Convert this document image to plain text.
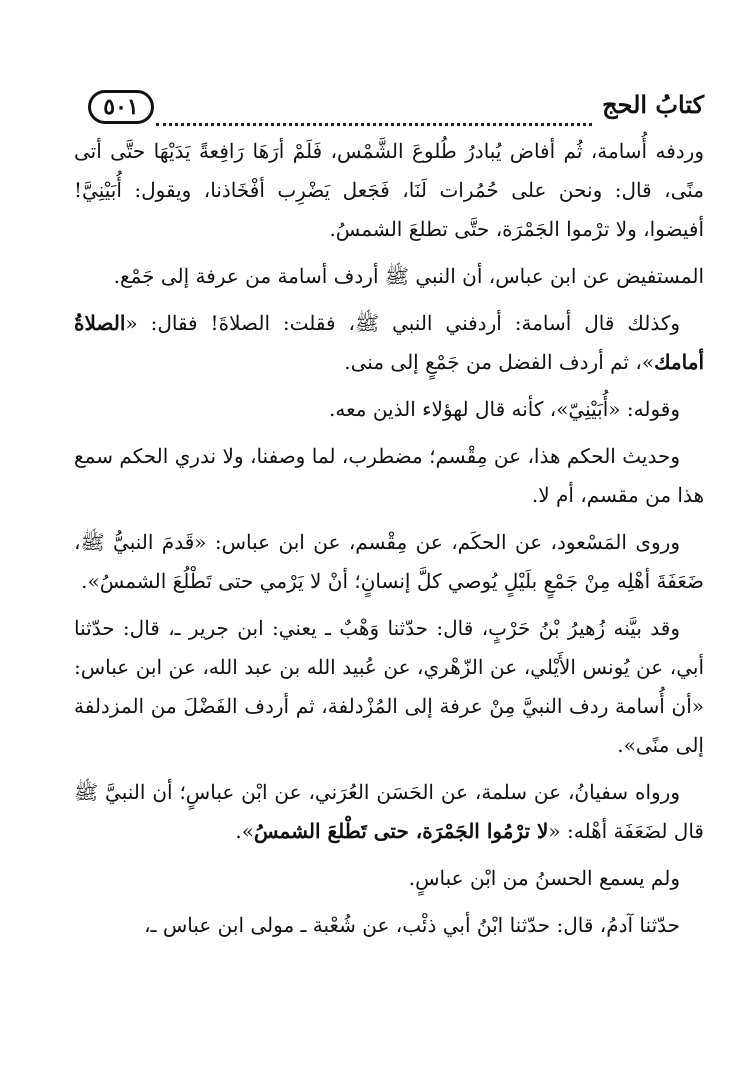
كتابُ الحج
٥٠١

وردفه أُسامة، ثُم أفاض يُبادرُ طُلوعَ الشَّمْس، فَلَمْ أرَهَا رَافِعةً يَدَيْهَا حتَّى أتى منًى، قال: ونحن على حُمُرات لَنَا، فَجَعل يَضْرِب أفْخَاذنا، ويقول: أُبَيْنِيَّ! أفيضوا، ولا ترْموا الجَمْرَة، حتَّى تطلعَ الشمسُ.

المستفيض عن ابن عباس، أن النبي ﷺ أردف أسامة من عرفة إلى جَمْع.

وكذلك قال أسامة: أردفني النبي ﷺ، فقلت: الصلاةَ! فقال: «الصلاةُ أمامك»، ثم أردف الفضل من جَمْعٍ إلى منى.

وقوله: «أُبَيْنِيّ»، كأنه قال لهؤلاء الذين معه.

وحديث الحكم هذا، عن مِقْسم؛ مضطرب، لما وصفنا، ولا ندري الحكم سمع هذا من مقسم، أم لا.

وروى المَسْعود، عن الحكَم، عن مِقْسم، عن ابن عباس: «قَدمَ النبيُّ ﷺ، ضَعَفَةَ أهْلِه مِنْ جَمْعٍ بلَيْلٍ يُوصي كلَّ إنسانٍ؛ أنْ لا يَرْمي حتى تَطْلُعَ الشمسُ».

وقد بيَّنه زُهيرُ بْنُ حَرْبٍ، قال: حدّثنا وَهْبٌ ـ يعني: ابن جرير ـ، قال: حدّثنا أبي، عن يُونس الأَيْلي، عن الزّهْري، عن عُبيد الله بن عبد الله، عن ابن عباس: «أن أُسامة ردف النبيَّ مِنْ عرفة إلى المُزْدلفة، ثم أردف الفَضْلَ من المزدلفة إلى منًى».

ورواه سفيانُ، عن سلمة، عن الحَسَن العُرَني، عن ابْن عباسٍ؛ أن النبيَّ ﷺ قال لضَعَفَة أهْله: «لا ترْمُوا الجَمْرَة، حتى تَطْلعَ الشمسُ».

ولم يسمع الحسنُ من ابْن عباسٍ.

حدّثنا آدمُ، قال: حدّثنا ابْنُ أبي ذئْب، عن شُعْبة ـ مولى ابن عباس ـ،
